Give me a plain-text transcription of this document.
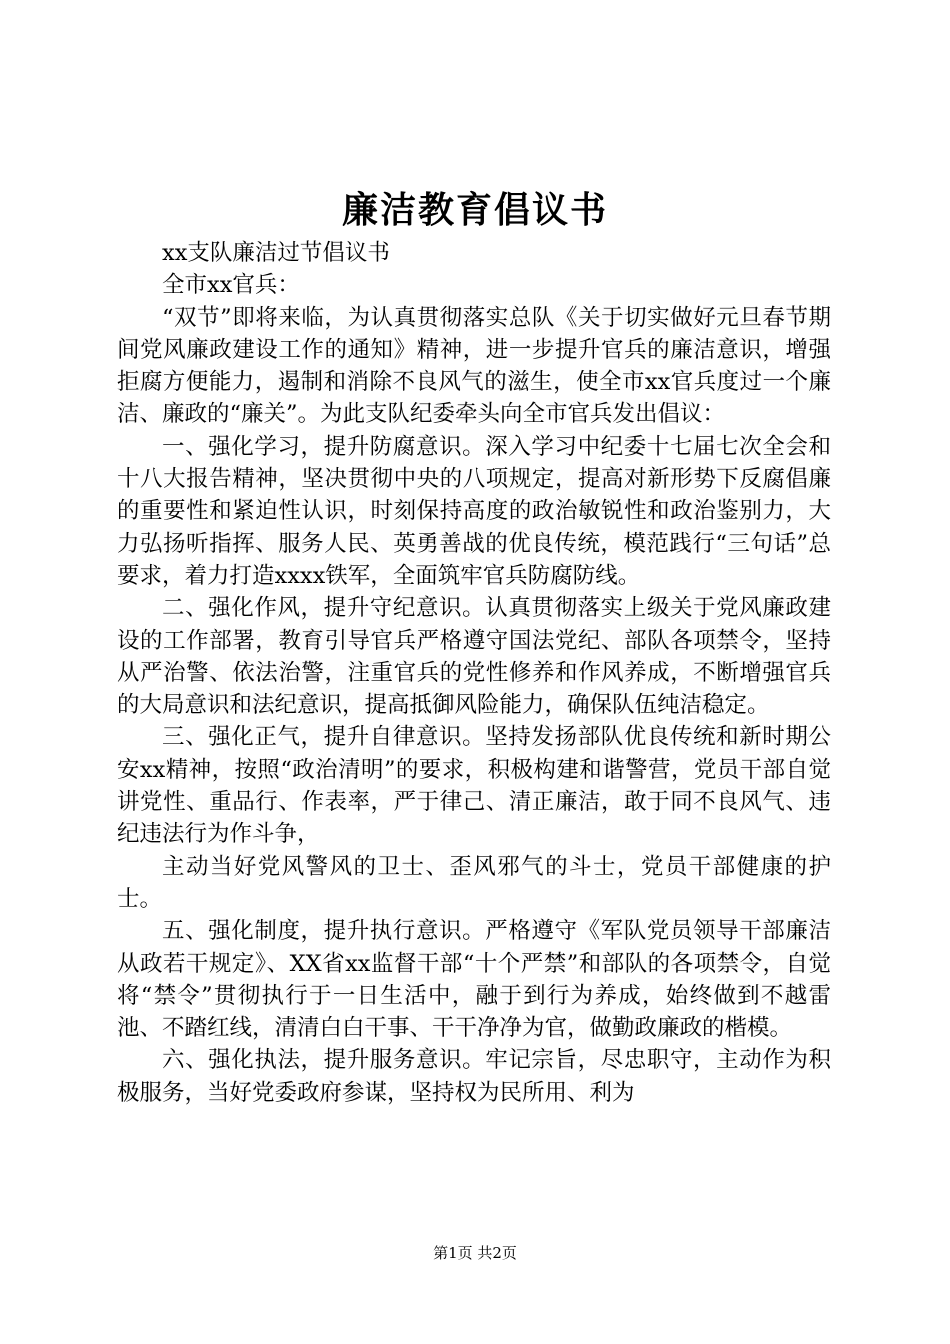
廉洁教育倡议书

xx支队廉洁过节倡议书

全市xx官兵：

“双节”即将来临，为认真贯彻落实总队《关于切实做好元旦春节期间党风廉政建设工作的通知》精神，进一步提升官兵的廉洁意识，增强拒腐方便能力，遏制和消除不良风气的滋生，使全市xx官兵度过一个廉洁、廉政的“廉关”。为此支队纪委牵头向全市官兵发出倡议：

一、强化学习，提升防腐意识。深入学习中纪委十七届七次全会和十八大报告精神，坚决贯彻中央的八项规定，提高对新形势下反腐倡廉的重要性和紧迫性认识，时刻保持高度的政治敏锐性和政治鉴别力，大力弘扬听指挥、服务人民、英勇善战的优良传统，模范践行“三句话”总要求，着力打造xxxx铁军，全面筑牢官兵防腐防线。

二、强化作风，提升守纪意识。认真贯彻落实上级关于党风廉政建设的工作部署，教育引导官兵严格遵守国法党纪、部队各项禁令，坚持从严治警、依法治警，注重官兵的党性修养和作风养成，不断增强官兵的大局意识和法纪意识，提高抵御风险能力，确保队伍纯洁稳定。

三、强化正气，提升自律意识。坚持发扬部队优良传统和新时期公安xx精神，按照“政治清明”的要求，积极构建和谐警营，党员干部自觉讲党性、重品行、作表率，严于律己、清正廉洁，敢于同不良风气、违纪违法行为作斗争，

主动当好党风警风的卫士、歪风邪气的斗士，党员干部健康的护士。

五、强化制度，提升执行意识。严格遵守《军队党员领导干部廉洁从政若干规定》、XX省xx监督干部“十个严禁”和部队的各项禁令，自觉将“禁令”贯彻执行于一日生活中，融于到行为养成，始终做到不越雷池、不踏红线，清清白白干事、干干净净为官，做勤政廉政的楷模。

六、强化执法，提升服务意识。牢记宗旨，尽忠职守，主动作为积极服务，当好党委政府参谋，坚持权为民所用、利为

第1页 共2页
